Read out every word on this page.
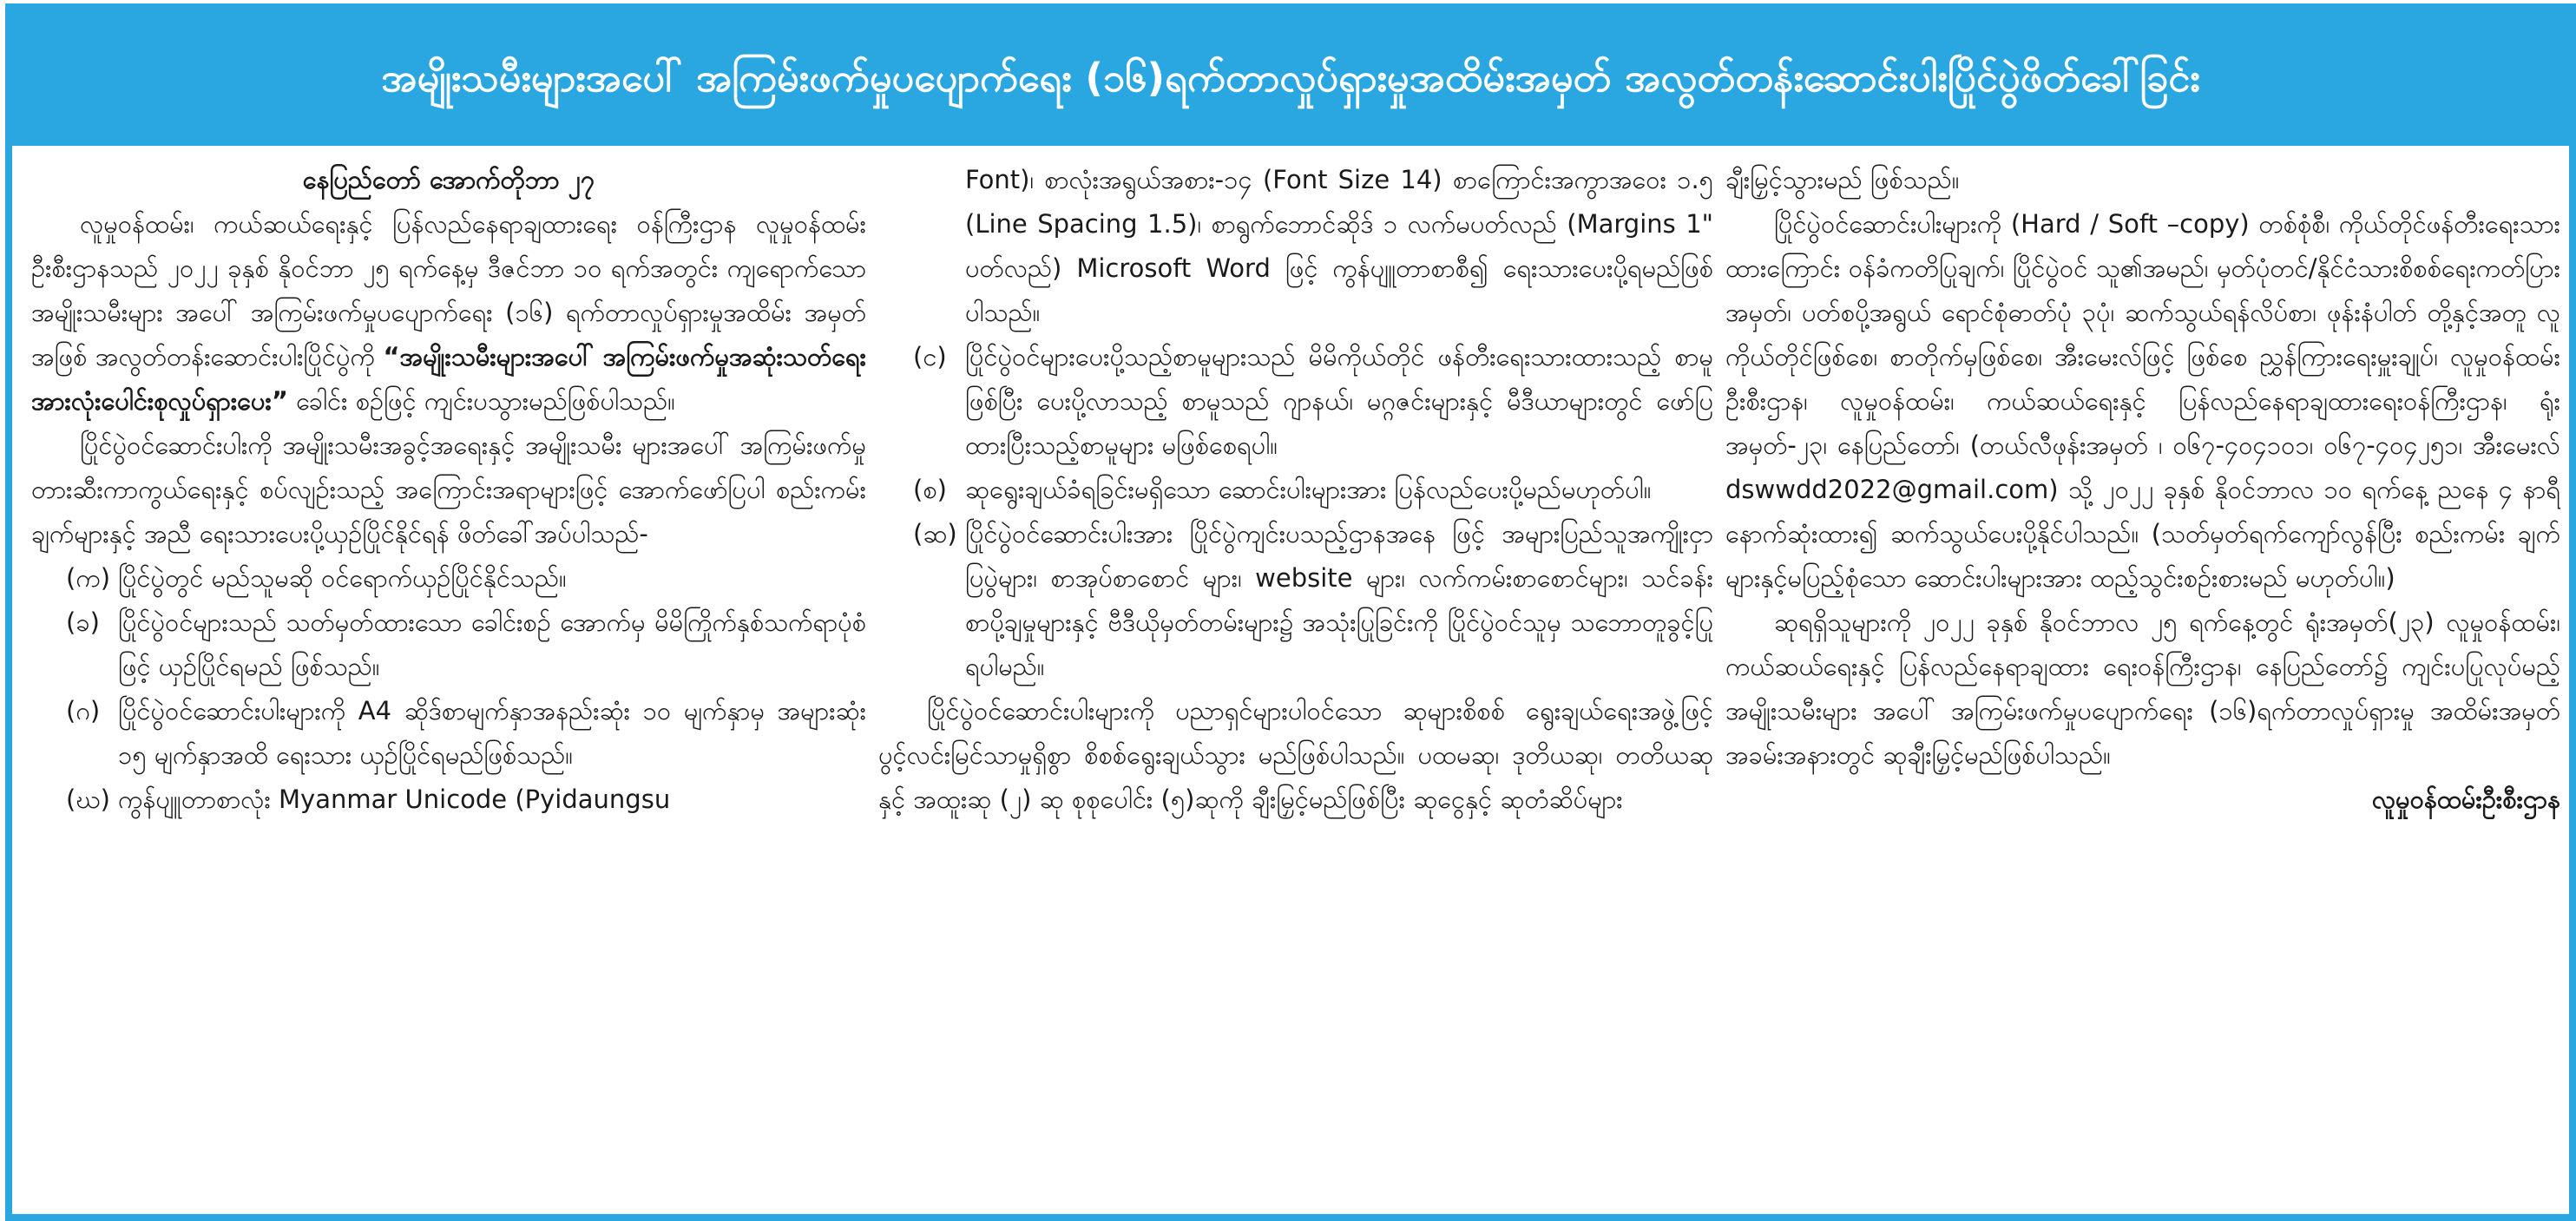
အမျိုးသမီးများအပေါ် အကြမ်းဖက်မှုပပျောက်ရေး (၁၆)ရက်တာလှုပ်ရှားမှုအထိမ်းအမှတ် အလွတ်တန်းဆောင်းပါးပြိုင်ပွဲဖိတ်ခေါ်ခြင်း

နေပြည်တော် အောက်တိုဘာ ၂၇

လူမှုဝန်ထမ်း၊ ကယ်ဆယ်ရေးနှင့် ပြန်လည်နေရာချထားရေး ဝန်ကြီးဌာန လူမှုဝန်ထမ်းဦးစီးဌာနသည် ၂၀၂၂ ခုနှစ် နိုဝင်ဘာ ၂၅ ရက်နေ့မှ ဒီဇင်ဘာ ၁၀ ရက်အတွင်း ကျရောက်သော အမျိုးသမီးများ အပေါ် အကြမ်းဖက်မှုပပျောက်ရေး (၁၆) ရက်တာလှုပ်ရှားမှုအထိမ်း အမှတ်အဖြစ် အလွတ်တန်းဆောင်းပါးပြိုင်ပွဲကို “အမျိုးသမီးများအပေါ် အကြမ်းဖက်မှုအဆုံးသတ်ရေး အားလုံးပေါင်းစုလှုပ်ရှားပေး” ခေါင်း စဉ်ဖြင့် ကျင်းပသွားမည်ဖြစ်ပါသည်။

ပြိုင်ပွဲဝင်ဆောင်းပါးကို အမျိုးသမီးအခွင့်အရေးနှင့် အမျိုးသမီး များအပေါ် အကြမ်းဖက်မှုတားဆီးကာကွယ်ရေးနှင့် စပ်လျဉ်းသည့် အကြောင်းအရာများဖြင့် အောက်ဖော်ပြပါ စည်းကမ်းချက်များနှင့် အညီ ရေးသားပေးပို့ယှဉ်ပြိုင်နိုင်ရန် ဖိတ်ခေါ်အပ်ပါသည်-

(က) ပြိုင်ပွဲတွင် မည်သူမဆို ဝင်ရောက်ယှဉ်ပြိုင်နိုင်သည်။
(ခ) ပြိုင်ပွဲဝင်များသည် သတ်မှတ်ထားသော ခေါင်းစဉ် အောက်မှ မိမိကြိုက်နှစ်သက်ရာပုံစံဖြင့် ယှဉ်ပြိုင်ရမည် ဖြစ်သည်။
(ဂ) ပြိုင်ပွဲဝင်ဆောင်းပါးများကို A4 ဆိုဒ်စာမျက်နှာအနည်းဆုံး ၁၀ မျက်နှာမှ အများဆုံး ၁၅ မျက်နှာအထိ ရေးသား ယှဉ်ပြိုင်ရမည်ဖြစ်သည်။
(ဃ) ကွန်ပျူတာစာလုံး Myanmar Unicode (Pyidaungsu
Font)၊ စာလုံးအရွယ်အစား-၁၄ (Font Size 14) စာကြောင်းအကွာအဝေး ၁.၅ (Line Spacing 1.5)၊ စာရွက်ဘောင်ဆိုဒ် ၁ လက်မပတ်လည် (Margins 1" ပတ်လည်) Microsoft Word ဖြင့် ကွန်ပျူတာစာစီ၍ ရေးသားပေးပို့ရမည်ဖြစ်ပါသည်။
(င) ပြိုင်ပွဲဝင်များပေးပို့သည့်စာမူများသည် မိမိကိုယ်တိုင် ဖန်တီးရေးသားထားသည့် စာမူဖြစ်ပြီး ပေးပို့လာသည့် စာမူသည် ဂျာနယ်၊ မဂ္ဂဇင်းများနှင့် မီဒီယာများတွင် ဖော်ပြထားပြီးသည့်စာမူများ မဖြစ်စေရပါ။
(စ) ဆုရွေးချယ်ခံရခြင်းမရှိသော ဆောင်းပါးများအား ပြန်လည်ပေးပို့မည်မဟုတ်ပါ။
(ဆ) ပြိုင်ပွဲဝင်ဆောင်းပါးအား ပြိုင်ပွဲကျင်းပသည့်ဌာနအနေ ဖြင့် အများပြည်သူအကျိုးငှာ ပြပွဲများ၊ စာအုပ်စာစောင် များ၊ website များ၊ လက်ကမ်းစာစောင်များ၊ သင်ခန်း စာပို့ချမှုများနှင့် ဗီဒီယိုမှတ်တမ်းများ၌ အသုံးပြုခြင်းကို ပြိုင်ပွဲဝင်သူမှ သဘောတူခွင့်ပြုရပါမည်။

ပြိုင်ပွဲဝင်ဆောင်းပါးများကို ပညာရှင်များပါဝင်သော ဆုများစိစစ် ရွေးချယ်ရေးအဖွဲ့ဖြင့် ပွင့်လင်းမြင်သာမှုရှိစွာ စိစစ်ရွေးချယ်သွား မည်ဖြစ်ပါသည်။ ပထမဆု၊ ဒုတိယဆု၊ တတိယဆုနှင့် အထူးဆု (၂) ဆု စုစုပေါင်း (၅)ဆုကို ချီးမြှင့်မည်ဖြစ်ပြီး ဆုငွေနှင့် ဆုတံဆိပ်များ

ချီးမြှင့်သွားမည် ဖြစ်သည်။

ပြိုင်ပွဲဝင်ဆောင်းပါးများကို (Hard / Soft –copy) တစ်စုံစီ၊ ကိုယ်တိုင်ဖန်တီးရေးသားထားကြောင်း ဝန်ခံကတိပြုချက်၊ ပြိုင်ပွဲဝင် သူ၏အမည်၊ မှတ်ပုံတင်/နိုင်ငံသားစိစစ်ရေးကတ်ပြားအမှတ်၊ ပတ်စပို့အရွယ် ရောင်စုံဓာတ်ပုံ ၃ပုံ၊ ဆက်သွယ်ရန်လိပ်စာ၊ ဖုန်းနံပါတ် တို့နှင့်အတူ လူကိုယ်တိုင်ဖြစ်စေ၊ စာတိုက်မှဖြစ်စေ၊ အီးမေးလ်ဖြင့် ဖြစ်စေ ညွှန်ကြားရေးမှူးချုပ်၊ လူမှုဝန်ထမ်းဦးစီးဌာန၊ လူမှုဝန်ထမ်း၊ ကယ်ဆယ်ရေးနှင့် ပြန်လည်နေရာချထားရေးဝန်ကြီးဌာန၊ ရုံးအမှတ်-၂၃၊ နေပြည်တော်၊ (တယ်လီဖုန်းအမှတ် ၊ ၀၆၇-၄၀၄၁၀၁၊ ၀၆၇-၄၀၄၂၅၁၊ အီးမေးလ် dswwdd2022@gmail.com) သို့ ၂၀၂၂ ခုနှစ် နိုဝင်ဘာလ ၁၀ ရက်နေ့ ညနေ ၄ နာရီ နောက်ဆုံးထား၍ ဆက်သွယ်ပေးပို့နိုင်ပါသည်။ (သတ်မှတ်ရက်ကျော်လွန်ပြီး စည်းကမ်း ချက်များနှင့်မပြည့်စုံသော ဆောင်းပါးများအား ထည့်သွင်းစဉ်းစားမည် မဟုတ်ပါ။)

ဆုရရှိသူများကို ၂၀၂၂ ခုနှစ် နိုဝင်ဘာလ ၂၅ ရက်နေ့တွင် ရုံးအမှတ်(၂၃) လူမှုဝန်ထမ်း၊ ကယ်ဆယ်ရေးနှင့် ပြန်လည်နေရာချထား ရေးဝန်ကြီးဌာန၊ နေပြည်တော်၌ ကျင်းပပြုလုပ်မည့် အမျိုးသမီးများ အပေါ် အကြမ်းဖက်မှုပပျောက်ရေး (၁၆)ရက်တာလှုပ်ရှားမှု အထိမ်းအမှတ်အခမ်းအနားတွင် ဆုချီးမြှင့်မည်ဖြစ်ပါသည်။

လူမှုဝန်ထမ်းဦးစီးဌာန
